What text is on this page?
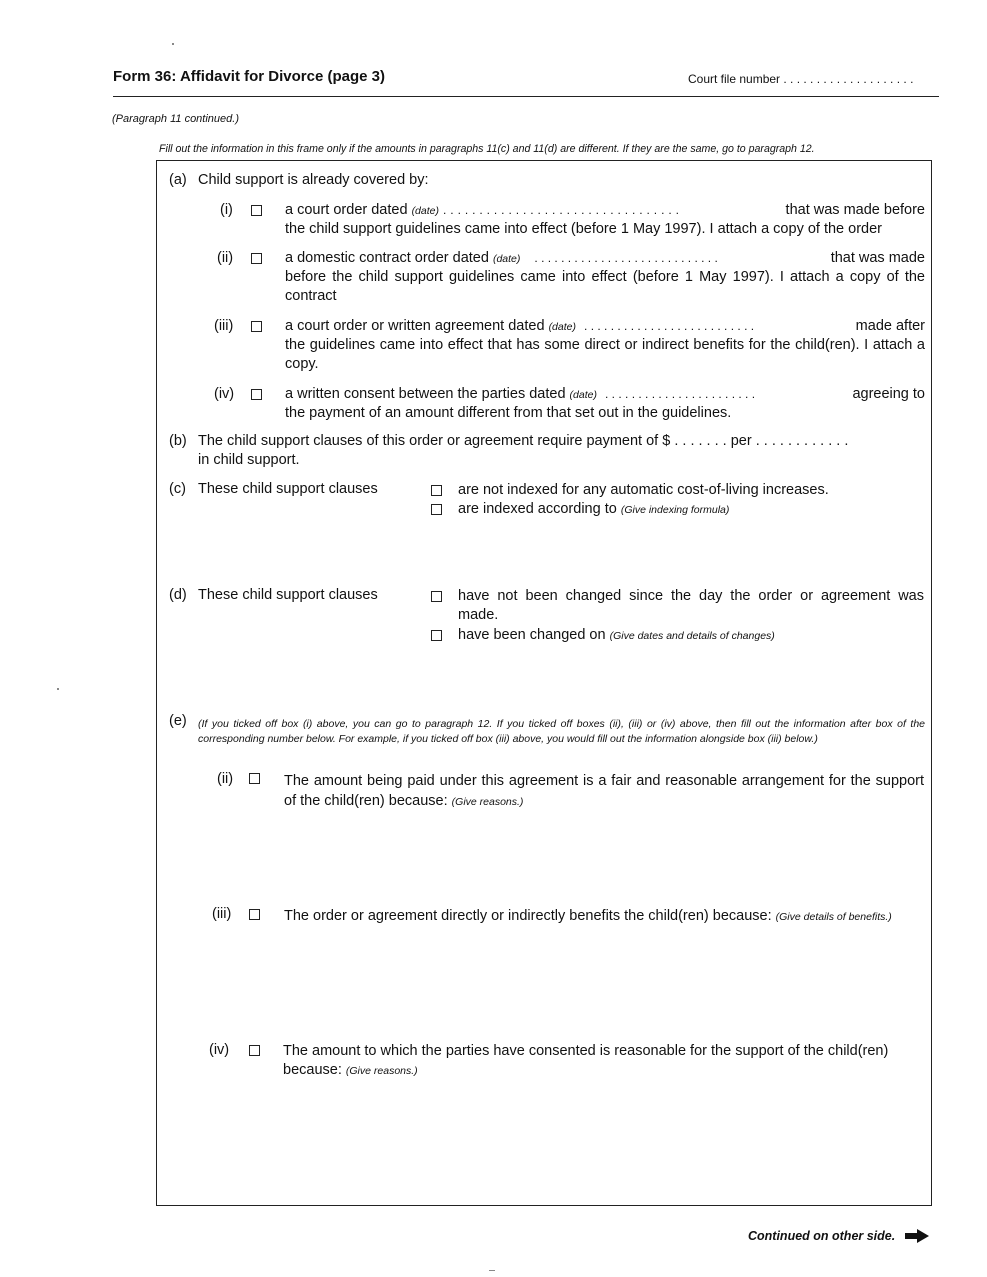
Form 36: Affidavit for Divorce (page 3)	Court file number . . . . . . . . . . . . . . . . . . . .
(Paragraph 11 continued.)
Fill out the information in this frame only if the amounts in paragraphs 11(c) and 11(d) are different. If they are the same, go to paragraph 12.
(a) Child support is already covered by:
(i)	a court order dated (date) . . . . . . . . . . . . . . . . . . . . . . . . . . . . . . . . .	that was made before
the child support guidelines came into effect (before 1 May 1997). I attach a copy of the order
(ii)	a domestic contract order dated (date) . . . . . . . . . . . . . . . . . . . . . . . . . . . .	that was made
before the child support guidelines came into effect (before 1 May 1997). I attach a copy of the contract
(iii)	a court order or written agreement dated (date) . . . . . . . . . . . . . . . . . . . . . . . . . .	made after
the guidelines came into effect that has some direct or indirect benefits for the child(ren). I attach a copy.
(iv)	a written consent between the parties dated (date) . . . . . . . . . . . . . . . . . . . . . . .	agreeing to
the payment of an amount different from that set out in the guidelines.
(b) The child support clauses of this order or agreement require payment of $ . . . . . . . per . . . . . . . . . . . .
in child support.
(c) These child support clauses	are not indexed for any automatic cost-of-living increases.
are indexed according to (Give indexing formula)
(d) These child support clauses	have not been changed since the day the order or agreement was made.
have been changed on (Give dates and details of changes)
(e) (If you ticked off box (i) above, you can go to paragraph 12. If you ticked off boxes (ii), (iii) or (iv) above, then fill out the information after box of the corresponding number below. For example, if you ticked off box (iii) above, you would fill out the information alongside box (iii) below.)
(ii)	The amount being paid under this agreement is a fair and reasonable arrangement for the support of the child(ren) because: (Give reasons.)
(iii)	The order or agreement directly or indirectly benefits the child(ren) because: (Give details of benefits.)
(iv)	The amount to which the parties have consented is reasonable for the support of the child(ren) because: (Give reasons.)
Continued on other side.
